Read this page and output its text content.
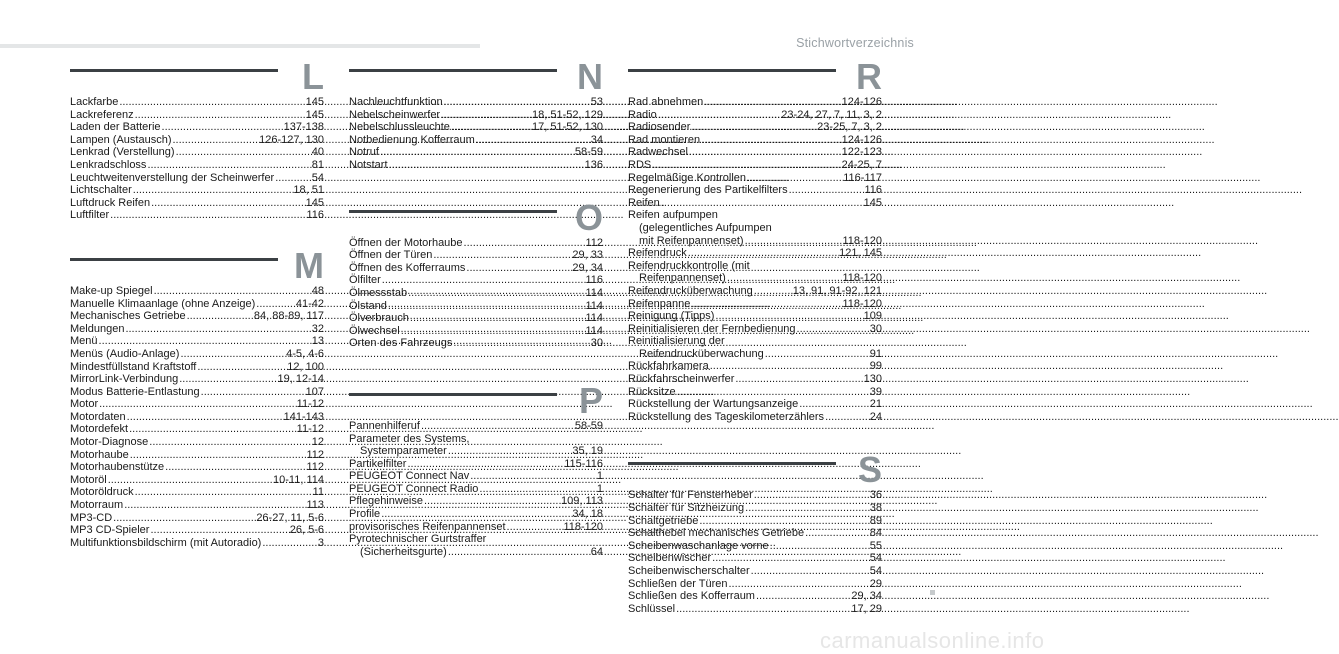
Stichwortverzeichnis
L
Lackfarbe .....	145
Lackreferenz .....	145
Laden der Batterie .....	137-138
Lampen (Austausch) .....	126-127, 130
Lenkrad (Verstellung) .....	40
Lenkradschloss .....	81
Leuchtweitenverstellung der Scheinwerfer .....	54
Lichtschalter .....	18, 51
Luftdruck Reifen .....	145
Luftfilter .....	116
M
Make-up Spiegel .....	48
Manuelle Klimaanlage (ohne Anzeige) .....	41-42
Mechanisches Getriebe .....	84, 88-89, 117
Meldungen .....	32
Menü .....	13
Menüs (Audio-Anlage) .....	4-5, 4-6
Mindestfüllstand Kraftstoff .....	12, 100
MirrorLink-Verbindung .....	19, 12-14
Modus Batterie-Entlastung .....	107
Motor .....	11-12
Motordaten .....	141-143
Motordefekt .....	11-12
Motor-Diagnose .....	12
Motorhaube .....	112
Motorhaubenstütze .....	112
Motoröl .....	10-11, 114
Motoröldruck .....	11
Motorraum .....	113
MP3-CD .....	26-27, 11, 5-6
MP3 CD-Spieler .....	26, 5-6
Multifunktionsbildschirm (mit Autoradio) .....	3
N
Nachleuchtfunktion .....	53
Nebelscheinwerfer .....	18, 51-52, 129
Nebelschlussleuchte .....	17, 51-52, 130
Notbedienung Kofferraum .....	34
Notruf .....	58-59
Notstart .....	136
O
Öffnen der Motorhaube .....	112
Öffnen der Türen .....	29, 33
Öffnen des Kofferraums .....	29, 34
Ölfilter .....	116
Ölmessstab .....	114
Ölstand .....	114
Ölverbrauch .....	114
Ölwechsel .....	114
Orten des Fahrzeugs .....	30
P
Pannenhilferuf .....	58-59
Parameter des Systems,
Systemparameter .....	35, 19
Partikelfilter .....	115-116
PEUGEOT Connect Nav .....	1
PEUGEOT Connect Radio .....	1
Pflegehinweise .....	109, 113
Profile .....	34, 18
provisorisches Reifenpannenset .....	118-120
Pyrotechnischer Gurtstraffer
(Sicherheitsgurte) .....	64
R
Rad abnehmen .....	124-126
Radio .....	23-24, 27, 7, 11, 3, 2
Radiosender .....	23-25, 7, 3, 2
Rad montieren .....	124-126
Radwechsel .....	122-123
RDS .....	24-25, 7
Regelmäßige Kontrollen .....	116-117
Regenerierung des Partikelfilters .....	116
Reifen .....	145
Reifen aufpumpen
(gelegentliches Aufpumpen
mit Reifenpannenset) .....	118-120
Reifendruck .....	121, 145
Reifendruckkontrolle (mit
Reifenpannenset) .....	118-120
Reifendrucküberwachung .....	13, 91, 91-92, 121
Reifenpanne .....	118-120
Reinigung (Tipps) .....	109
Reinitialisieren der Fernbedienung .....	30
Reinitialisierung der
Reifendrucküberwachung .....	91
Rückfahrkamera .....	99
Rückfahrscheinwerfer .....	130
Rücksitze .....	39
Rückstellung der Wartungsanzeige .....	21
Rückstellung des Tageskilometerzählers .....	24
S
Schalter für Fensterheber .....	36
Schalter für Sitzheizung .....	38
Schaltgetriebe .....	89
Schalthebel mechanisches Getriebe .....	84
Scheibenwaschanlage vorne .....	55
Scheibenwischer .....	54
Scheibenwischerschalter .....	54
Schließen der Türen .....	29
Schließen des Kofferraum .....	29, 34
Schlüssel .....	17, 29
carmanualsonline.info
